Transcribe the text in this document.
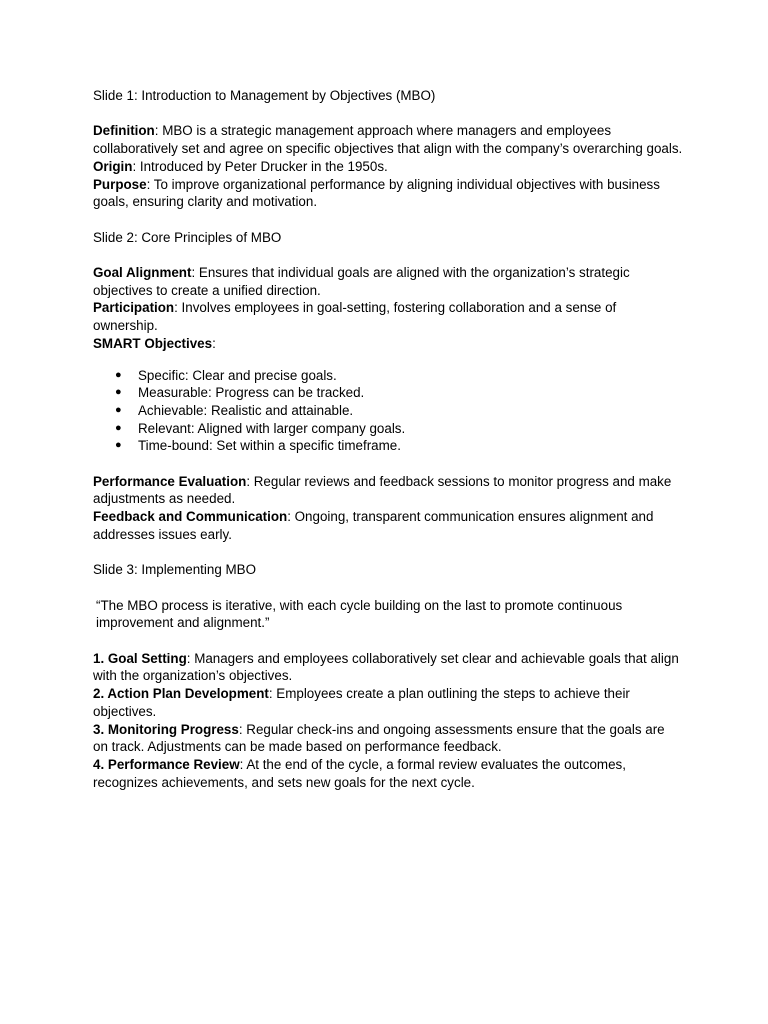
Slide 1: Introduction to Management by Objectives (MBO)

Definition: MBO is a strategic management approach where managers and employees collaboratively set and agree on specific objectives that align with the company’s overarching goals.

Origin: Introduced by Peter Drucker in the 1950s.

Purpose: To improve organizational performance by aligning individual objectives with business goals, ensuring clarity and motivation.

Slide 2: Core Principles of MBO

Goal Alignment: Ensures that individual goals are aligned with the organization’s strategic objectives to create a unified direction.

Participation: Involves employees in goal-setting, fostering collaboration and a sense of ownership.

SMART Objectives:

● Specific: Clear and precise goals.
● Measurable: Progress can be tracked.
● Achievable: Realistic and attainable.
● Relevant: Aligned with larger company goals.
● Time-bound: Set within a specific timeframe.

Performance Evaluation: Regular reviews and feedback sessions to monitor progress and make adjustments as needed.

Feedback and Communication: Ongoing, transparent communication ensures alignment and addresses issues early.

Slide 3: Implementing MBO

“The MBO process is iterative, with each cycle building on the last to promote continuous improvement and alignment.”

1. Goal Setting: Managers and employees collaboratively set clear and achievable goals that align with the organization’s objectives.

2. Action Plan Development: Employees create a plan outlining the steps to achieve their objectives.

3. Monitoring Progress: Regular check-ins and ongoing assessments ensure that the goals are on track. Adjustments can be made based on performance feedback.

4. Performance Review: At the end of the cycle, a formal review evaluates the outcomes, recognizes achievements, and sets new goals for the next cycle.
